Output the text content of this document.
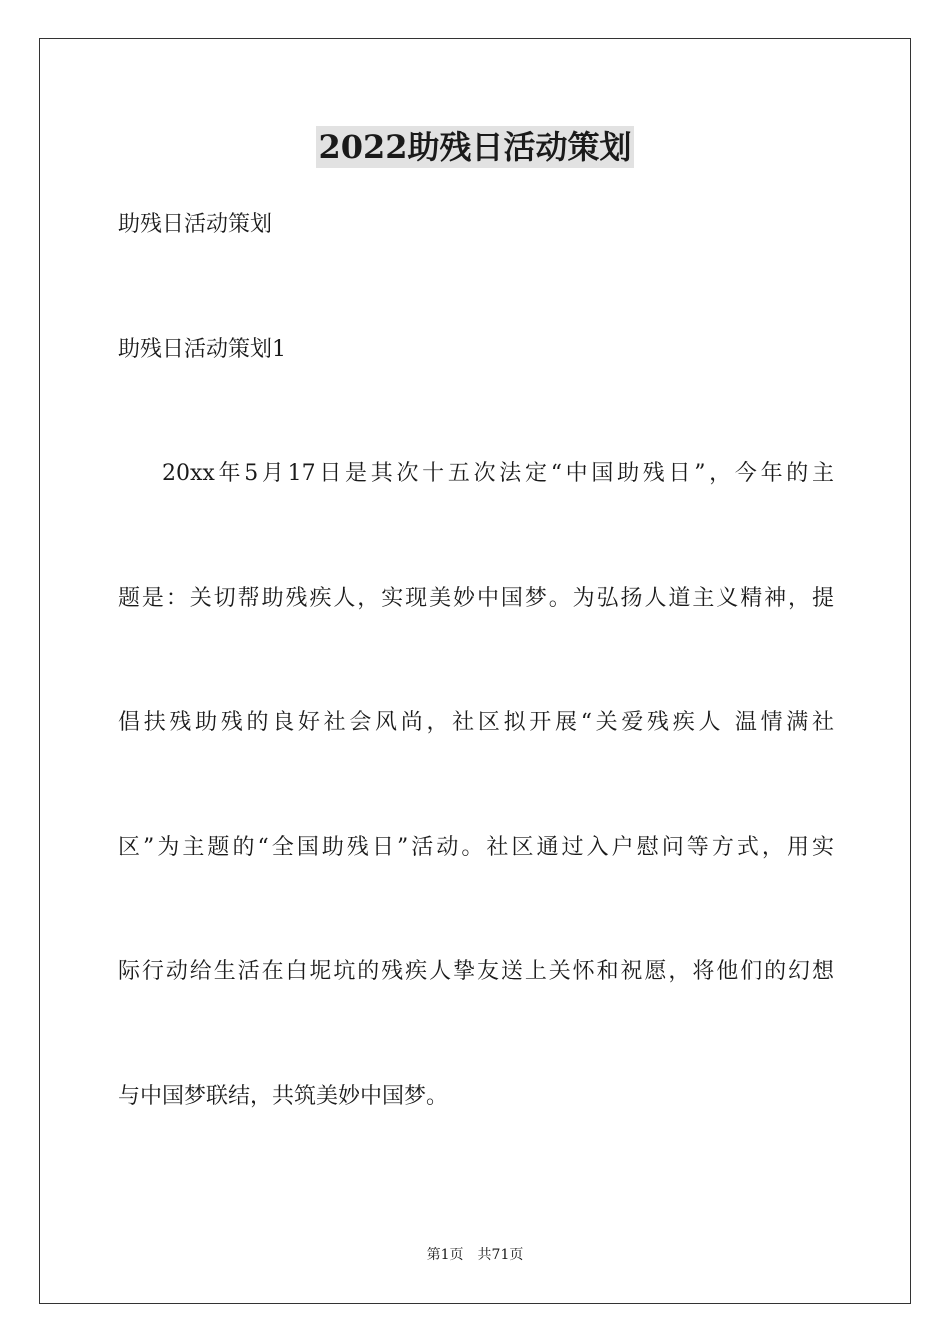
2022助残日活动策划
助残日活动策划
助残日活动策划1
20xx年5月17日是其次十五次法定“中国助残日”，今年的主
题是：关切帮助残疾人，实现美妙中国梦。为弘扬人道主义精神，提
倡扶残助残的良好社会风尚，社区拟开展“关爱残疾人 温情满社
区”为主题的“全国助残日”活动。社区通过入户慰问等方式，用实
际行动给生活在白坭坑的残疾人挚友送上关怀和祝愿，将他们的幻想
与中国梦联结，共筑美妙中国梦。
第1页 共71页
